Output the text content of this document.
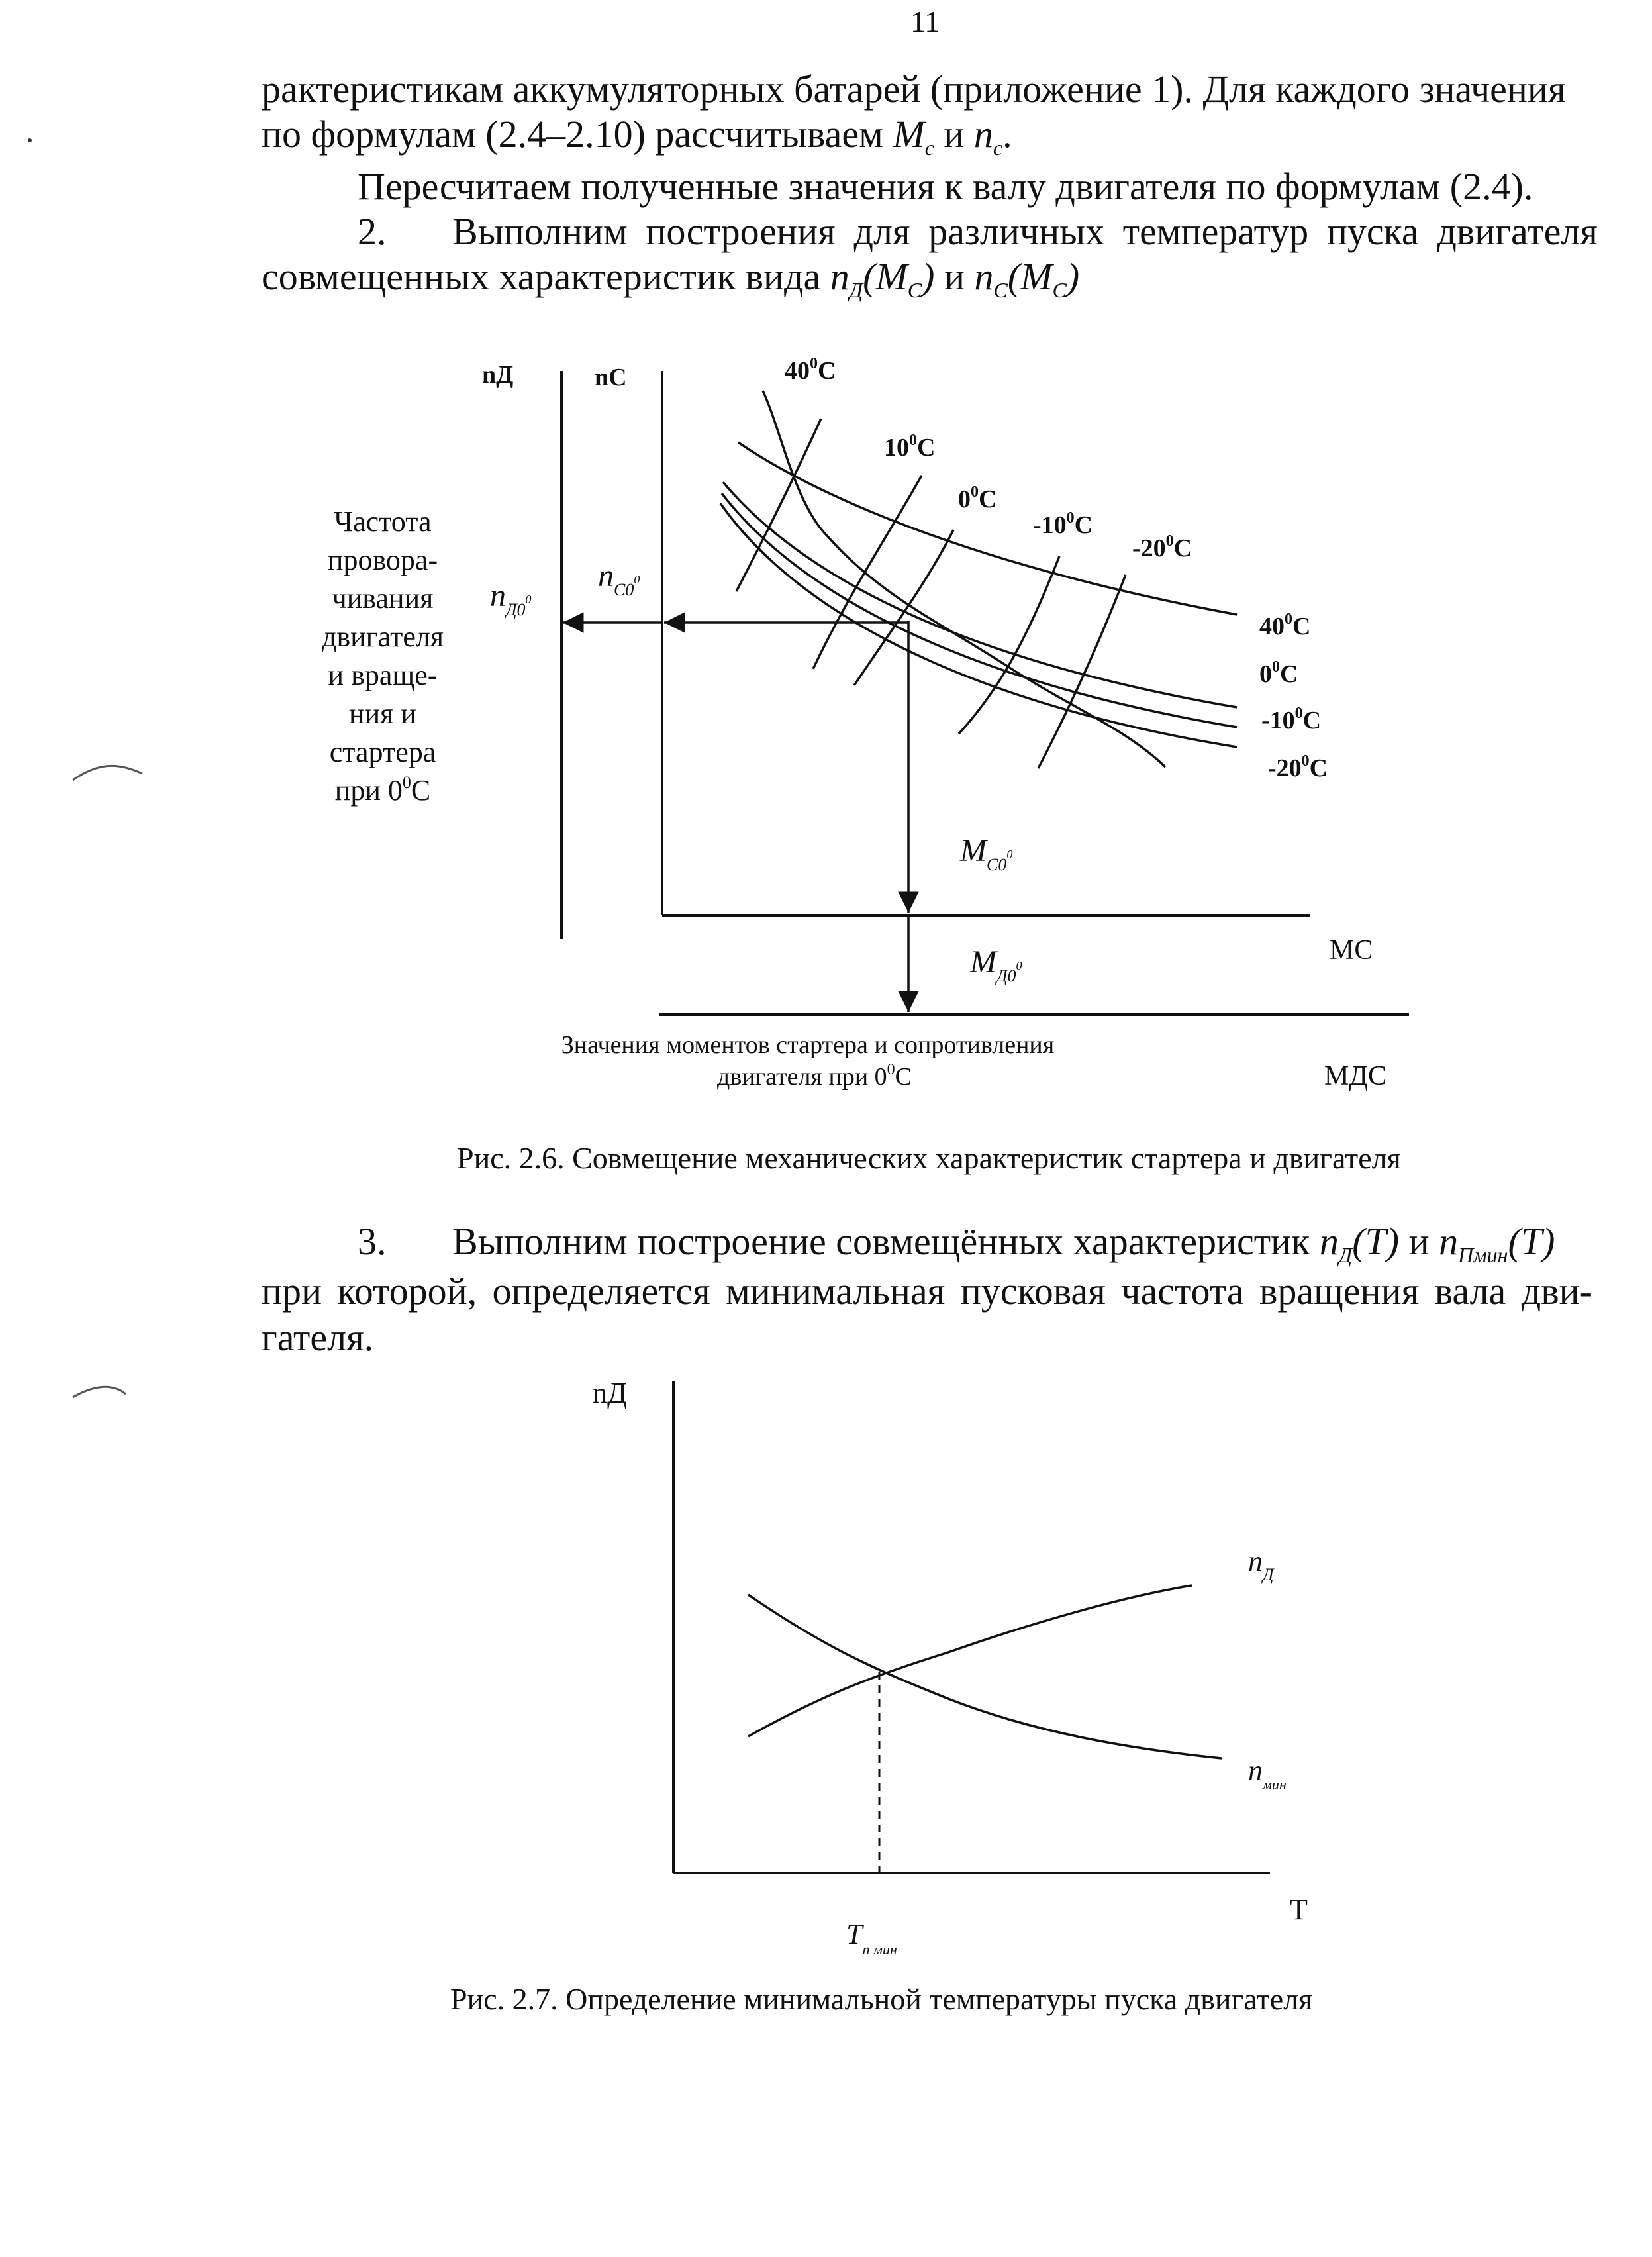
11
рактеристикам аккумуляторных батарей (приложение 1). Для каждого значения
по формулам (2.4–2.10) рассчитываем $M_c$ и $n_c$.
Пересчитаем полученные значения к валу двигателя по формулам (2.4).
2. Выполним построения для различных температур пуска двигателя
совмещенных характеристик вида $n_Д(M_C)$ и $n_C(M_C)$
nД	nC	$40^0C$
$10^0C$
$0^0C$
$-10^0C$
$-20^0C$
$40^0C$
$0^0C$
$-10^0C$
$-20^0C$
$n_{Д0}^0$
$n_{C0}^0$
$M_{C0}^0$
$M_{Д0}^0$	MC
MДС
Частота
провора-
чивания
двигателя
и враще-
ния и
стартера
при $0^0C$
Значения моментов стартера и сопротивления
двигателя при $0^0C$
nД
T
$n_Д$
$n_{мин}$
$T_{п мин}$
Рис. 2.6. Совмещение механических характеристик стартера и двигателя
3. Выполним построение совмещённых характеристик $n_Д(T)$ и $n_{Пмин}(T)$
при которой, определяется минимальная пусковая частота вращения вала дви-
гателя.
Рис. 2.7. Определение минимальной температуры пуска двигателя
